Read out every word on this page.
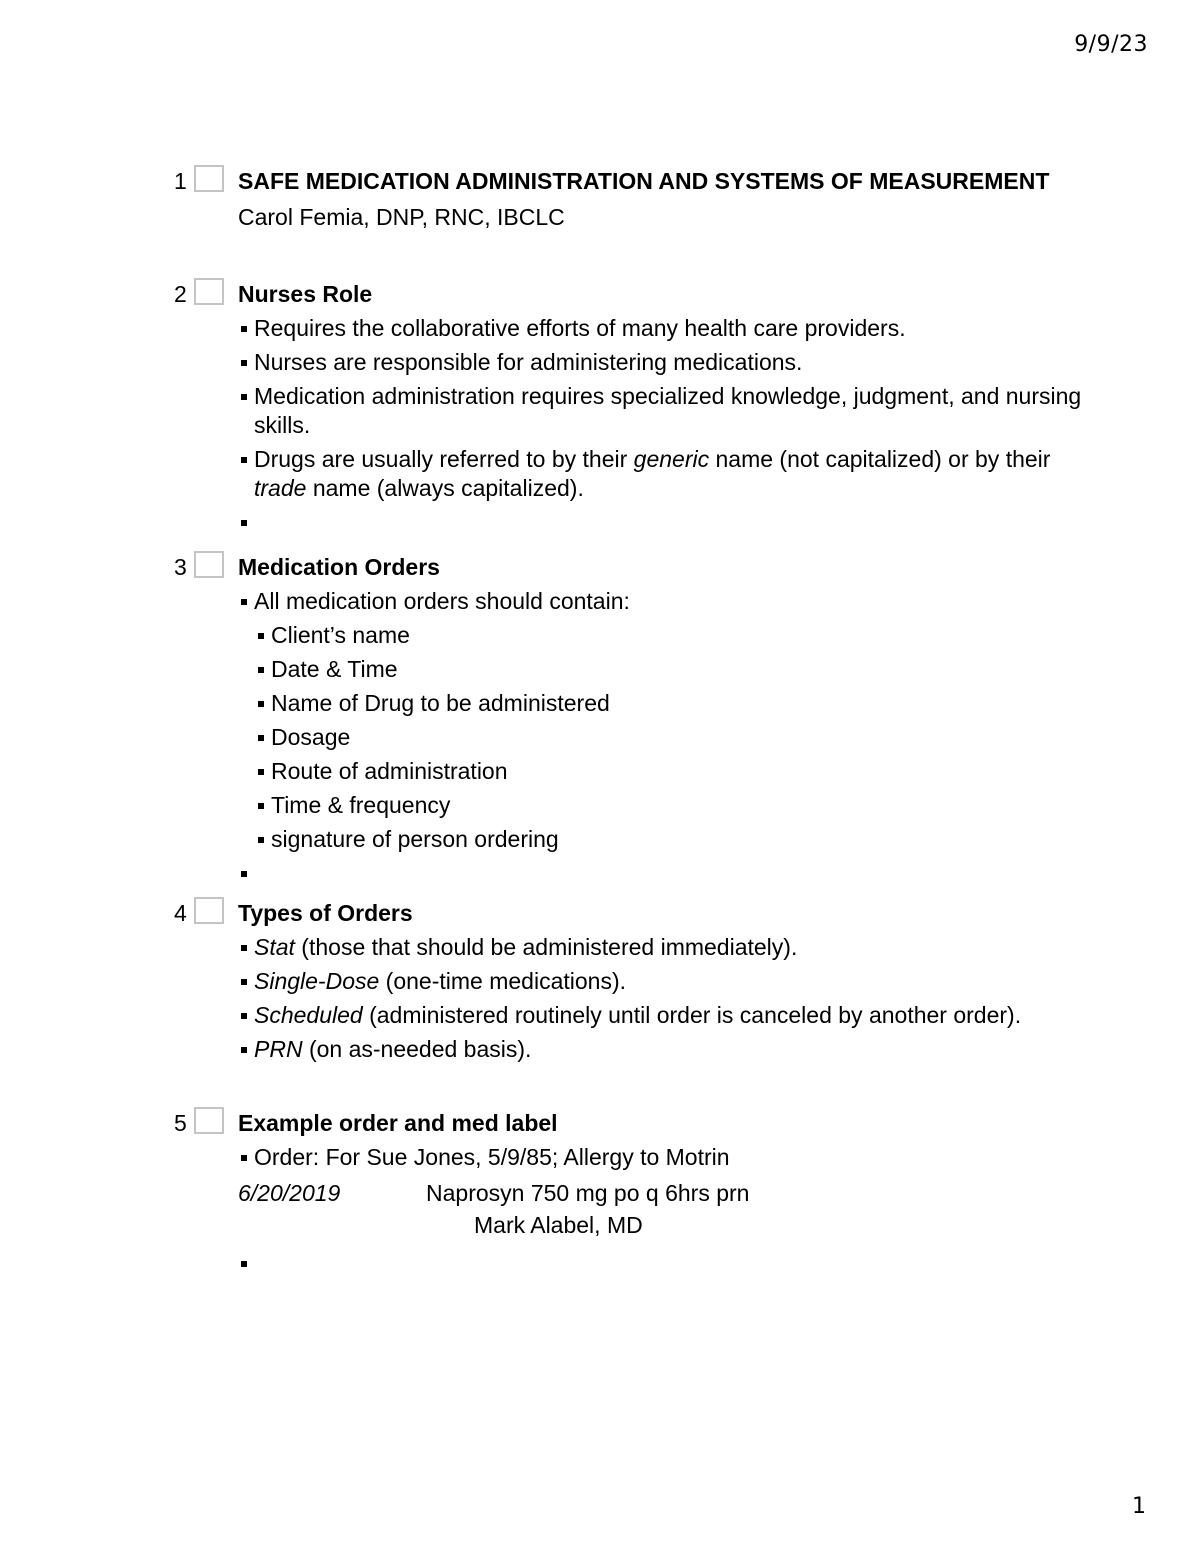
9/9/23
1 SAFE MEDICATION ADMINISTRATION AND SYSTEMS OF MEASUREMENT
Carol Femia, DNP, RNC, IBCLC
2 Nurses Role
Requires the collaborative efforts of many health care providers.
Nurses are responsible for administering medications.
Medication administration requires specialized knowledge, judgment, and nursing skills.
Drugs are usually referred to by their generic name (not capitalized) or by their trade name (always capitalized).
3 Medication Orders
All medication orders should contain:
Client’s name
Date & Time
Name of Drug to be administered
Dosage
Route of administration
Time & frequency
signature of person ordering
4 Types of Orders
Stat (those that should be administered immediately).
Single-Dose (one-time medications).
Scheduled (administered routinely until order is canceled by another order).
PRN (on as-needed basis).
5 Example order and med label
Order: For Sue Jones, 5/9/85; Allergy to Motrin
6/20/2019	Naprosyn 750 mg po q 6hrs prn
Mark Alabel, MD
1
